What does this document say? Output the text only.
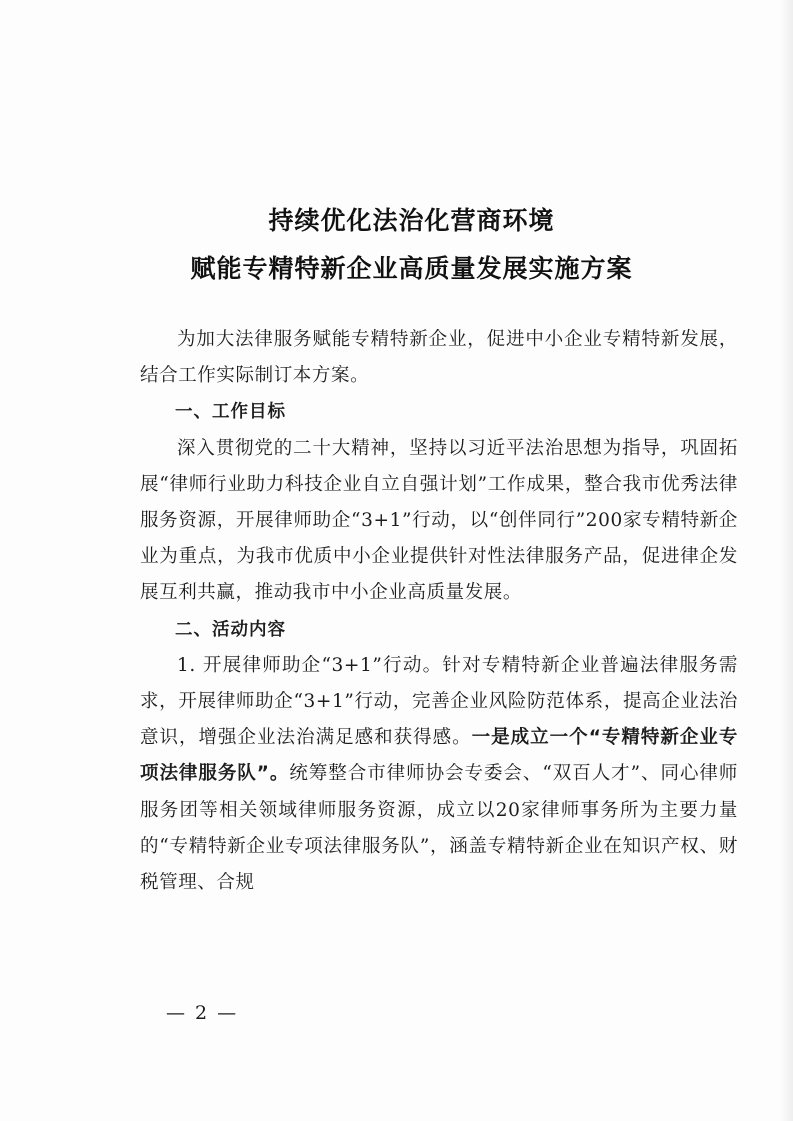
持续优化法治化营商环境
赋能专精特新企业高质量发展实施方案

为加大法律服务赋能专精特新企业，促进中小企业专精特新发展，结合工作实际制订本方案。

一、工作目标

深入贯彻党的二十大精神，坚持以习近平法治思想为指导，巩固拓展“律师行业助力科技企业自立自强计划”工作成果，整合我市优秀法律服务资源，开展律师助企“3+1”行动，以“创伴同行”200家专精特新企业为重点，为我市优质中小企业提供针对性法律服务产品，促进律企发展互利共赢，推动我市中小企业高质量发展。

二、活动内容

1. 开展律师助企“3+1”行动。针对专精特新企业普遍法律服务需求，开展律师助企“3+1”行动，完善企业风险防范体系，提高企业法治意识，增强企业法治满足感和获得感。一是成立一个“专精特新企业专项法律服务队”。统筹整合市律师协会专委会、“双百人才”、同心律师服务团等相关领域律师服务资源，成立以20家律师事务所为主要力量的“专精特新企业专项法律服务队”，涵盖专精特新企业在知识产权、财税管理、合规

— 2 —
